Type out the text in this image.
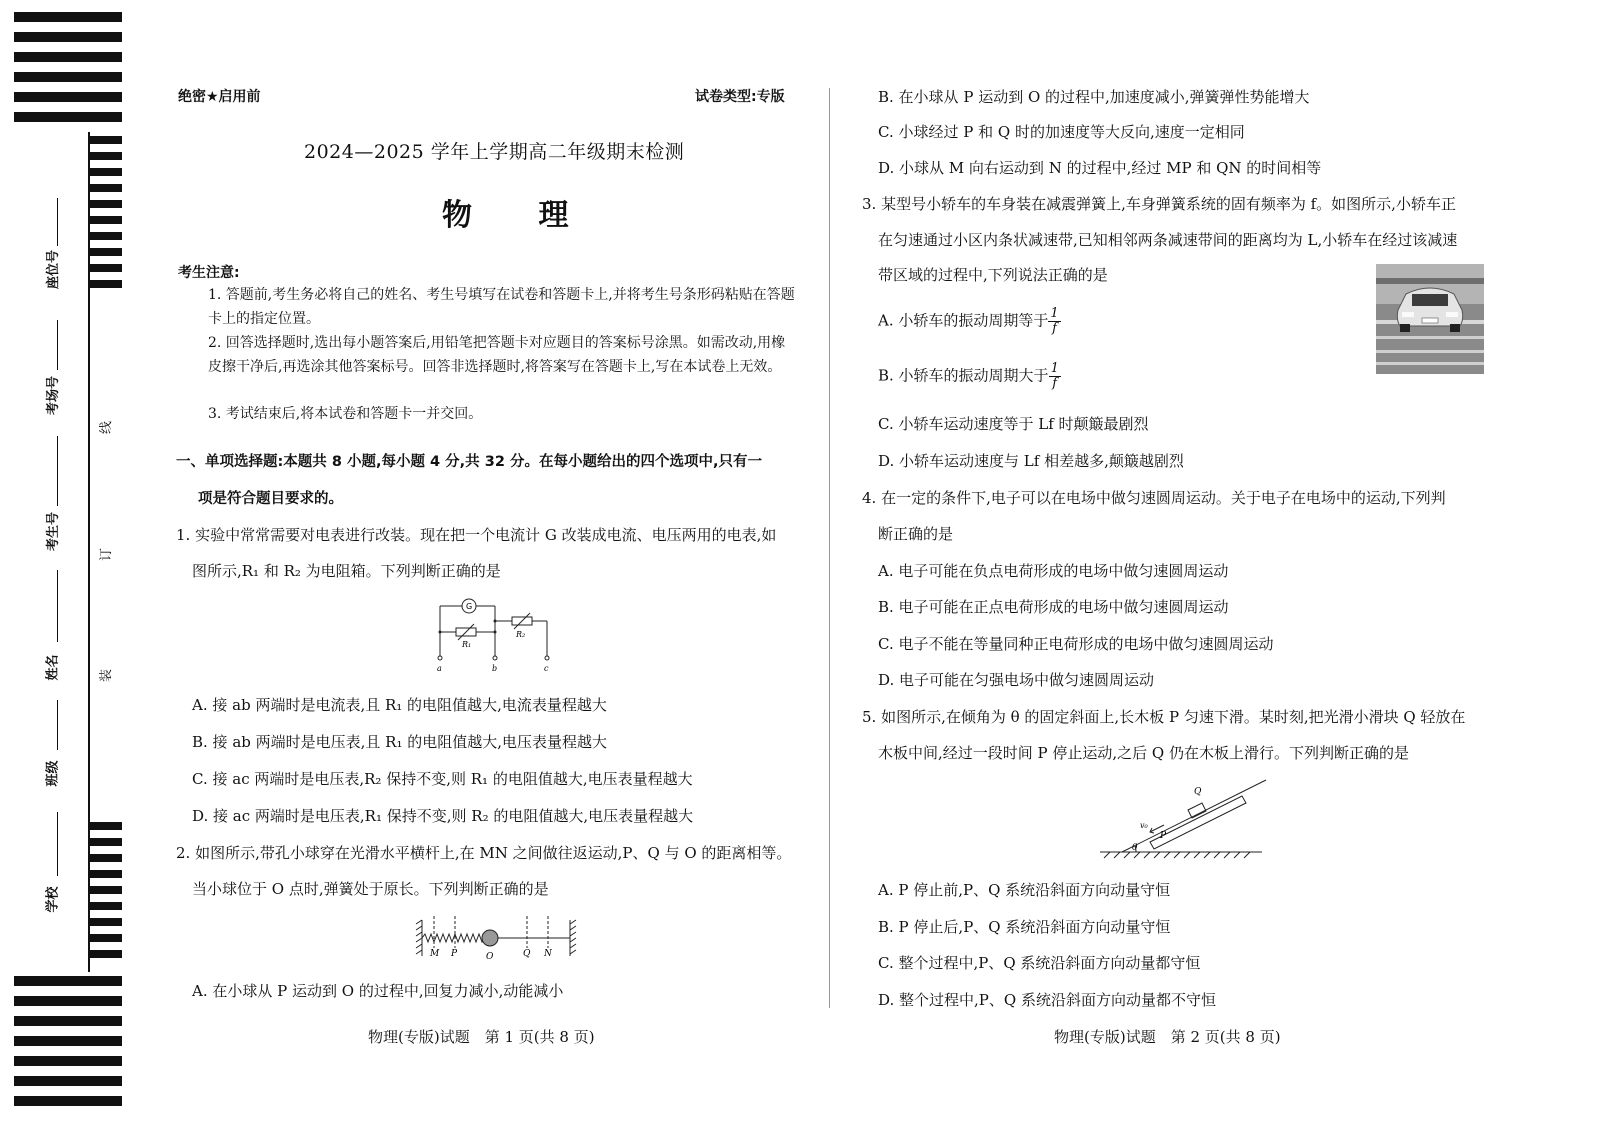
座位号
考场号
考生号
姓名
班级
学校
线
订
装
绝密★启用前	试卷类型:专版
2024—2025 学年上学期高二年级期末检测
物 理
考生注意:
1. 答题前,考生务必将自己的姓名、考生号填写在试卷和答题卡上,并将考生号条形码粘贴在答题卡上的指定位置。
2. 回答选择题时,选出每小题答案后,用铅笔把答题卡对应题目的答案标号涂黑。如需改动,用橡皮擦干净后,再选涂其他答案标号。回答非选择题时,将答案写在答题卡上,写在本试卷上无效。
3. 考试结束后,将本试卷和答题卡一并交回。
一、单项选择题:本题共 8 小题,每小题 4 分,共 32 分。在每小题给出的四个选项中,只有一
项是符合题目要求的。
1. 实验中常常需要对电表进行改装。现在把一个电流计 G 改装成电流、电压两用的电表,如
图所示,R₁ 和 R₂ 为电阻箱。下列判断正确的是
G
R₁
R₂
a	b	c
A. 接 ab 两端时是电流表,且 R₁ 的电阻值越大,电流表量程越大
B. 接 ab 两端时是电压表,且 R₁ 的电阻值越大,电压表量程越大
C. 接 ac 两端时是电压表,R₂ 保持不变,则 R₁ 的电阻值越大,电压表量程越大
D. 接 ac 两端时是电压表,R₁ 保持不变,则 R₂ 的电阻值越大,电压表量程越大
2. 如图所示,带孔小球穿在光滑水平横杆上,在 MN 之间做往返运动,P、Q 与 O 的距离相等。
当小球位于 O 点时,弹簧处于原长。下列判断正确的是
M P	O	Q N
A. 在小球从 P 运动到 O 的过程中,回复力减小,动能减小
物理(专版)试题　第 1 页(共 8 页)
B. 在小球从 P 运动到 O 的过程中,加速度减小,弹簧弹性势能增大
C. 小球经过 P 和 Q 时的加速度等大反向,速度一定相同
D. 小球从 M 向右运动到 N 的过程中,经过 MP 和 QN 的时间相等
3. 某型号小轿车的车身装在减震弹簧上,车身弹簧系统的固有频率为 f。如图所示,小轿车正
在匀速通过小区内条状减速带,已知相邻两条减速带间的距离均为 L,小轿车在经过该减速
带区域的过程中,下列说法正确的是
A. 小轿车的振动周期等于 $\frac{1}{f}$
B. 小轿车的振动周期大于 $\frac{1}{f}$
C. 小轿车运动速度等于 Lf 时颠簸最剧烈
D. 小轿车运动速度与 Lf 相差越多,颠簸越剧烈
4. 在一定的条件下,电子可以在电场中做匀速圆周运动。关于电子在电场中的运动,下列判
断正确的是
A. 电子可能在负点电荷形成的电场中做匀速圆周运动
B. 电子可能在正点电荷形成的电场中做匀速圆周运动
C. 电子不能在等量同种正电荷形成的电场中做匀速圆周运动
D. 电子可能在匀强电场中做匀速圆周运动
5. 如图所示,在倾角为 θ 的固定斜面上,长木板 P 匀速下滑。某时刻,把光滑小滑块 Q 轻放在
木板中间,经过一段时间 P 停止运动,之后 Q 仍在木板上滑行。下列判断正确的是
Q
P
v₀
θ
A. P 停止前,P、Q 系统沿斜面方向动量守恒
B. P 停止后,P、Q 系统沿斜面方向动量守恒
C. 整个过程中,P、Q 系统沿斜面方向动量都守恒
D. 整个过程中,P、Q 系统沿斜面方向动量都不守恒
物理(专版)试题　第 2 页(共 8 页)
